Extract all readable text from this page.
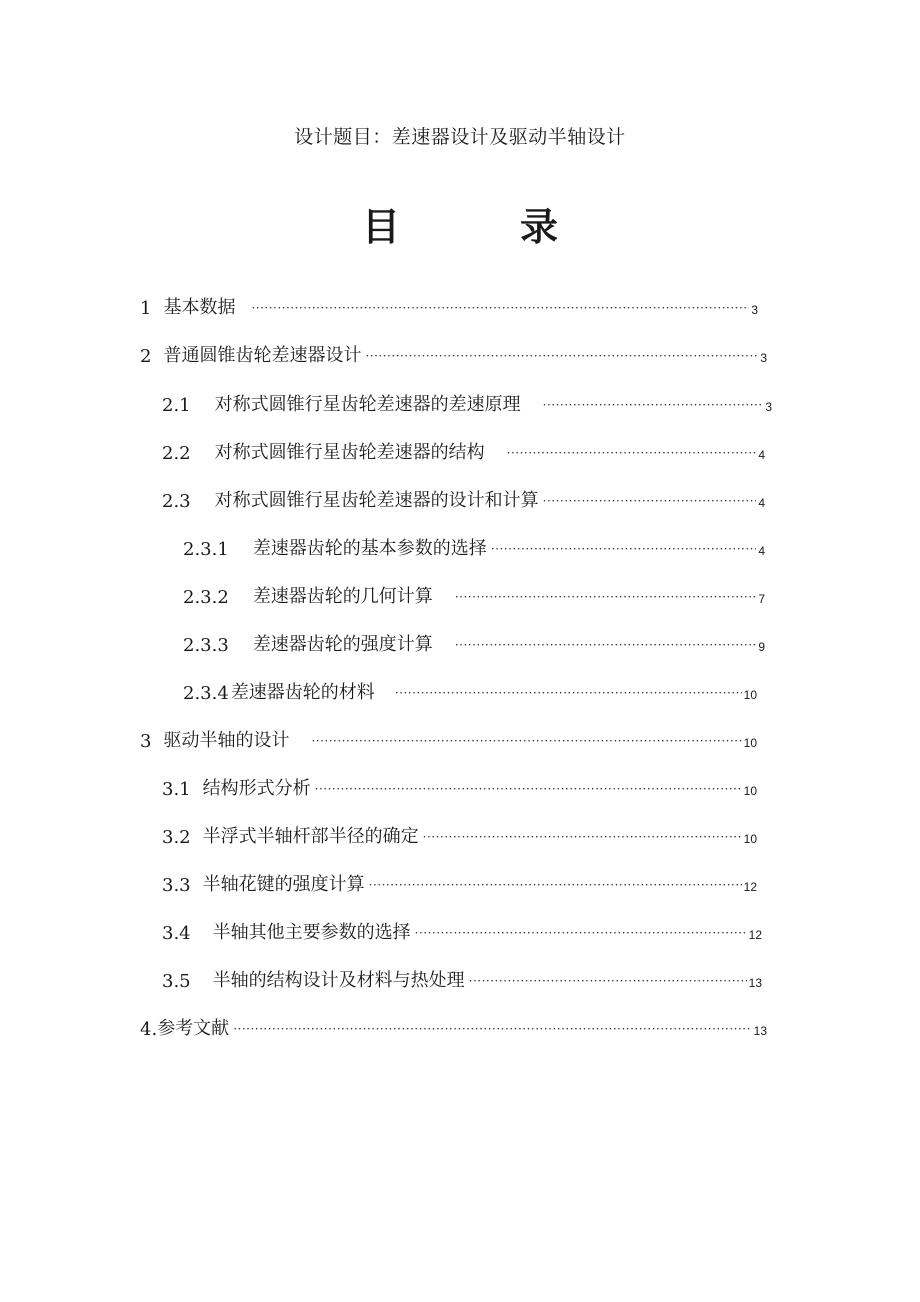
设计题目：差速器设计及驱动半轴设计
目	录
1 基本数据 ·····	3
2 普通圆锥齿轮差速器设计 ·····	3
2.1 对称式圆锥行星齿轮差速器的差速原理 ·····	3
2.2 对称式圆锥行星齿轮差速器的结构 ·····	4
2.3 对称式圆锥行星齿轮差速器的设计和计算 ·····	4
2.3.1 差速器齿轮的基本参数的选择 ·····	4
2.3.2 差速器齿轮的几何计算 ·····	7
2.3.3 差速器齿轮的强度计算 ·····	9
2.3.4 差速器齿轮的材料 ·····	10
3 驱动半轴的设计 ·····	10
3.1 结构形式分析 ·····	10
3.2 半浮式半轴杆部半径的确定 ·····	10
3.3 半轴花键的强度计算 ·····	12
3.4 半轴其他主要参数的选择 ·····	12
3.5 半轴的结构设计及材料与热处理 ·····	13
4. 参考文献 ·····	13
